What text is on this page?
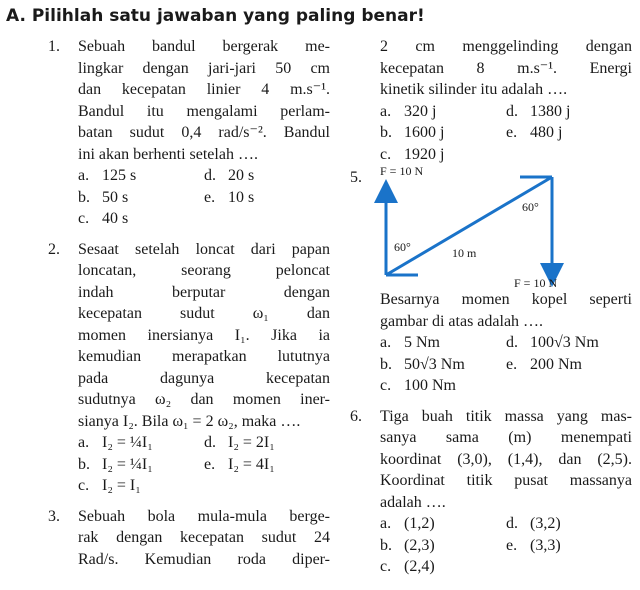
A. Pilihlah satu jawaban yang paling benar!
1. Sebuah bandul bergerak me-
lingkar dengan jari-jari 50 cm
dan kecepatan linier 4 m.s⁻¹.
Bandul itu mengalami perlam-
batan sudut 0,4 rad/s⁻². Bandul
ini akan berhenti setelah ….
a. 125 s	d. 20 s
b. 50 s	e. 10 s
c. 40 s
2. Sesaat setelah loncat dari papan
loncatan, seorang peloncat
indah berputar dengan
kecepatan sudut ω₁ dan
momen inersianya I₁. Jika ia
kemudian merapatkan lututnya
pada dagunya kecepatan
sudutnya ω₂ dan momen iner-
sianya I₂. Bila ω₁ = 2 ω₂, maka ….
a. I₂ = ¼I₁	d. I₂ = 2I₁
b. I₂ = ¼I₁	e. I₂ = 4I₁
c. I₂ = I₁
3. Sebuah bola mula-mula berge-
rak dengan kecepatan sudut 24
Rad/s. Kemudian roda diper-
2 cm menggelinding dengan
kecepatan 8 m.s⁻¹. Energi
kinetik silinder itu adalah ….
a. 320 j	d. 1380 j
b. 1600 j	e. 480 j
c. 1920 j
5. F = 10 N
F = 10 N
60°
60°
10 m
Besarnya momen kopel seperti
gambar di atas adalah ….
a. 5 Nm	d. 100√3 Nm
b. 50√3 Nm	e. 200 Nm
c. 100 Nm
6. Tiga buah titik massa yang mas-
sanya sama (m) menempati
koordinat (3,0), (1,4), dan (2,5).
Koordinat titik pusat massanya
adalah ….
a. (1,2)	d. (3,2)
b. (2,3)	e. (3,3)
c. (2,4)
